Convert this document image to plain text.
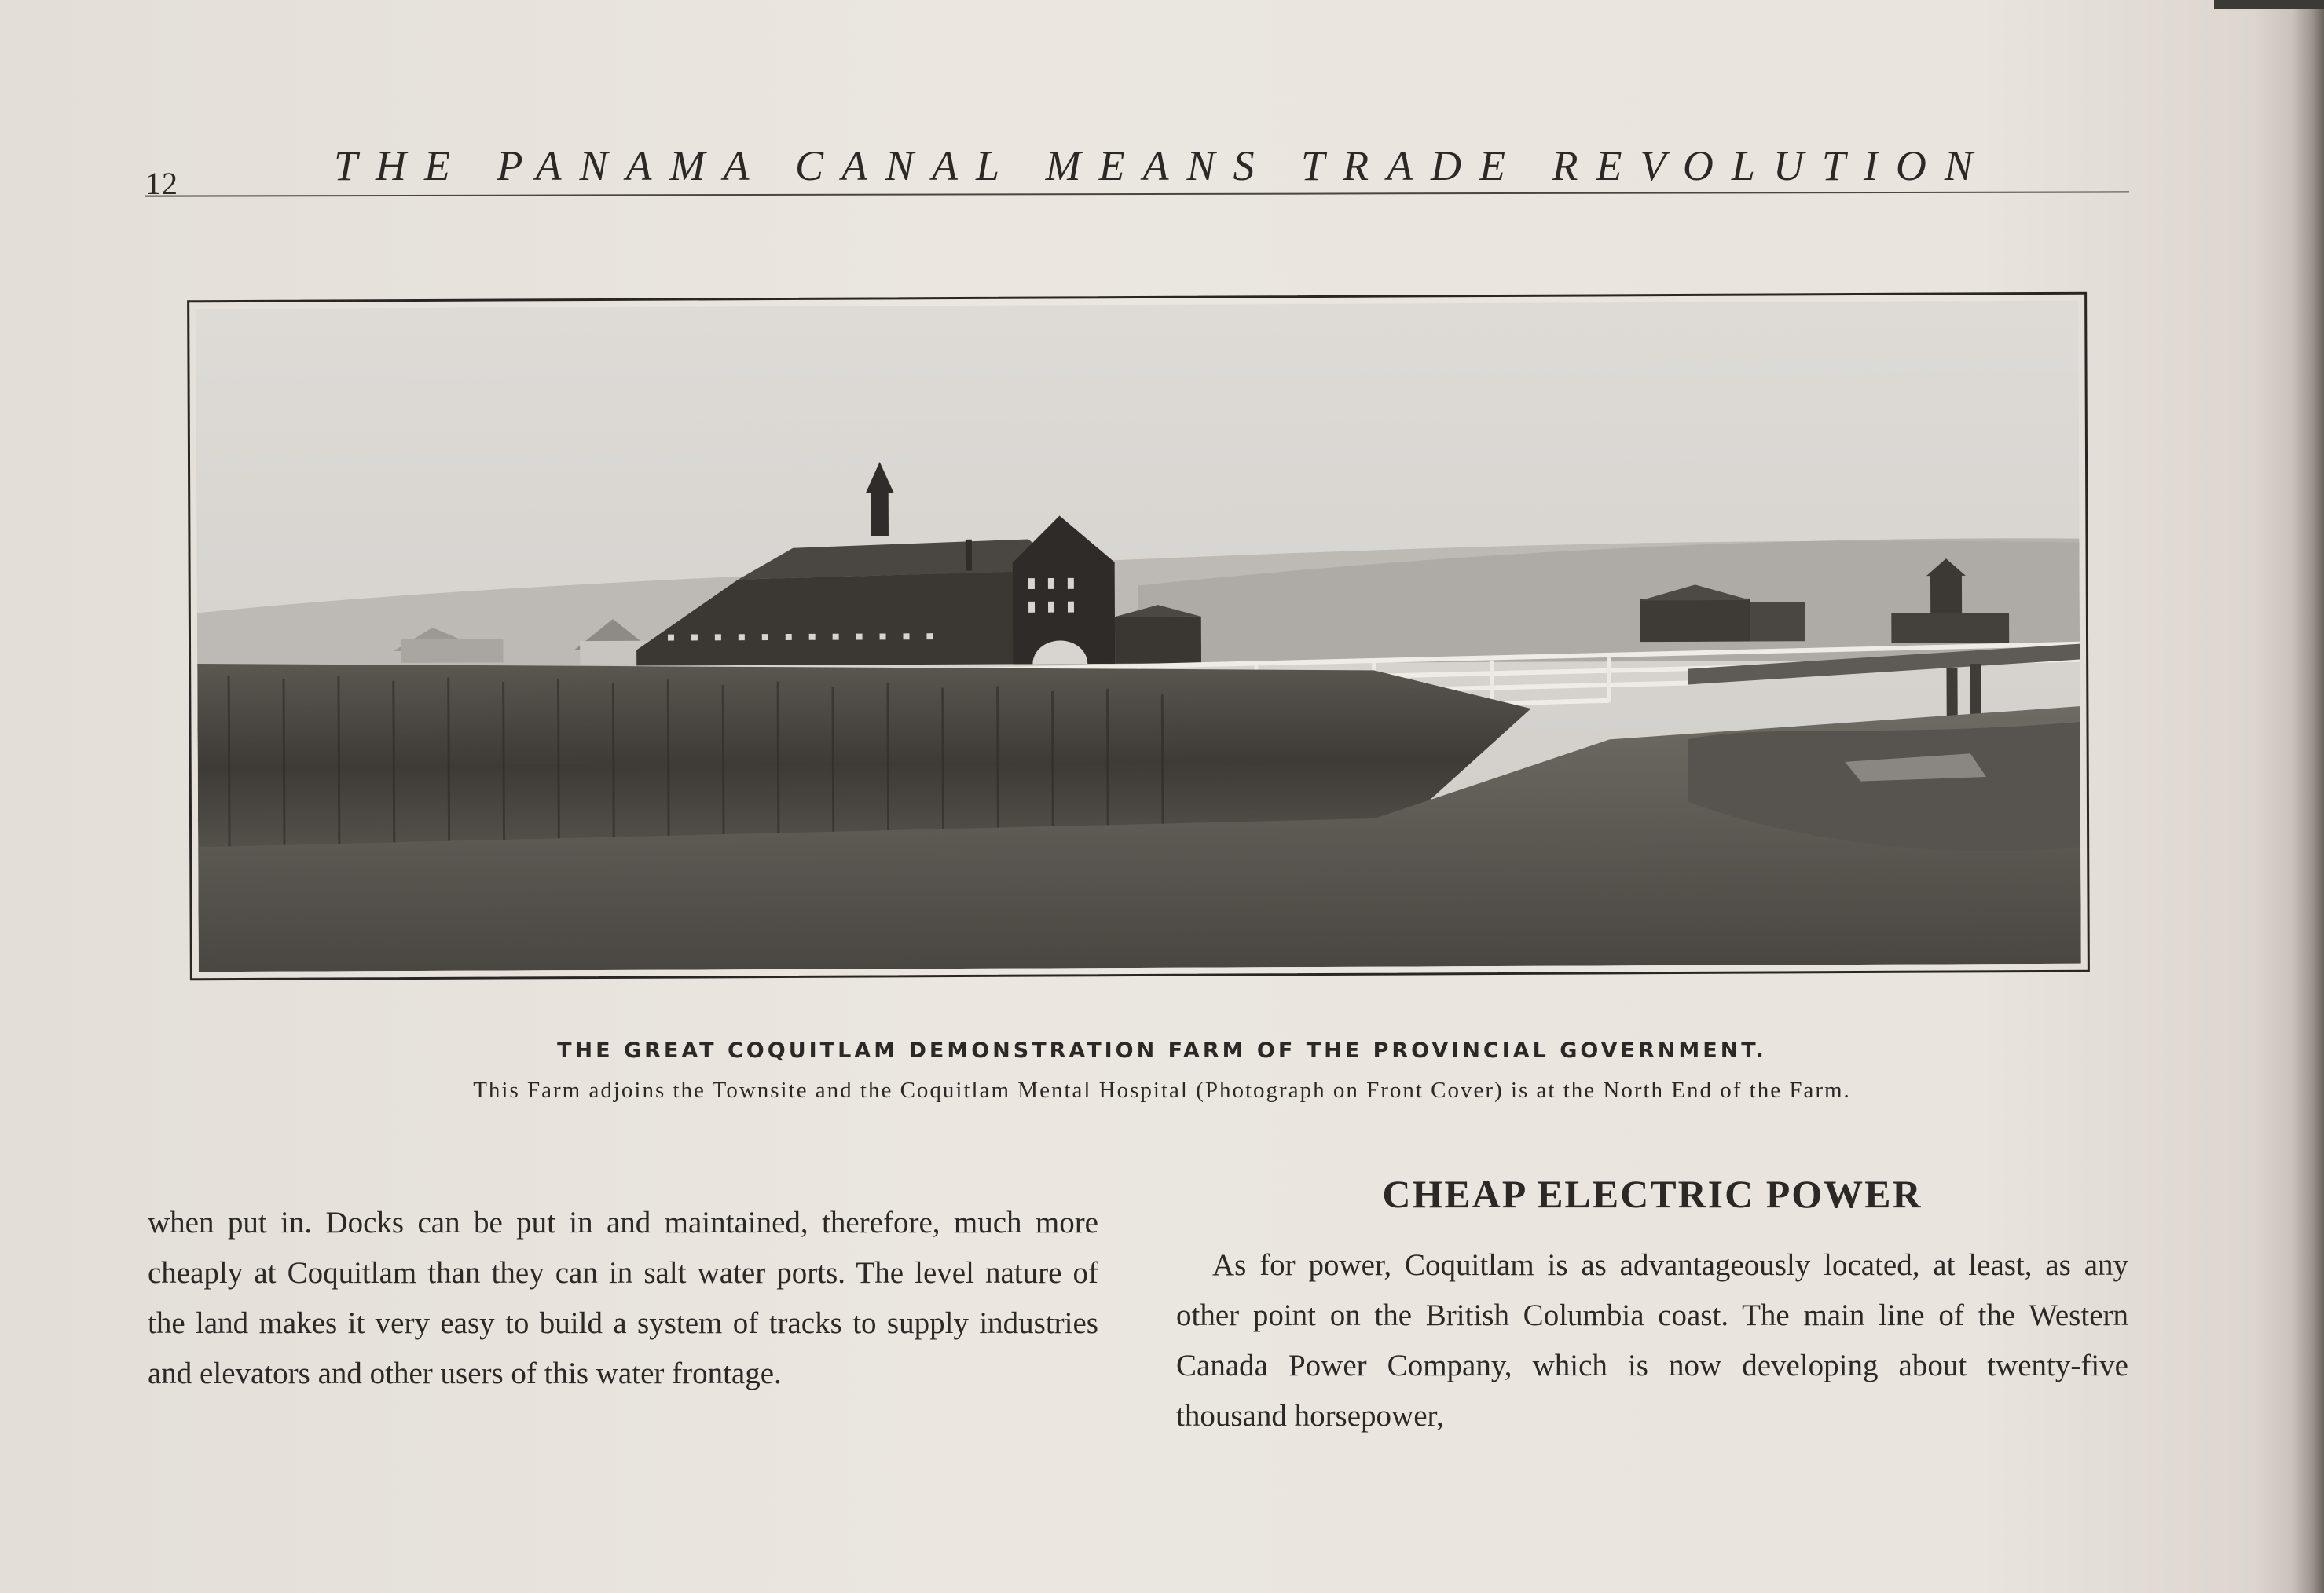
12	THE PANAMA CANAL MEANS TRADE REVOLUTION
THE GREAT COQUITLAM DEMONSTRATION FARM OF THE PROVINCIAL GOVERNMENT.
This Farm adjoins the Townsite and the Coquitlam Mental Hospital (Photograph on Front Cover) is at the North End of the Farm.

when put in. Docks can be put in and maintained, therefore, much more cheaply at Coquitlam than they can in salt water ports. The level nature of the land makes it very easy to build a system of tracks to supply industries and elevators and other users of this water frontage.

CHEAP ELECTRIC POWER

As for power, Coquitlam is as advantageously located, at least, as any other point on the British Columbia coast. The main line of the Western Canada Power Company, which is now developing about twenty-five thousand horsepower,
